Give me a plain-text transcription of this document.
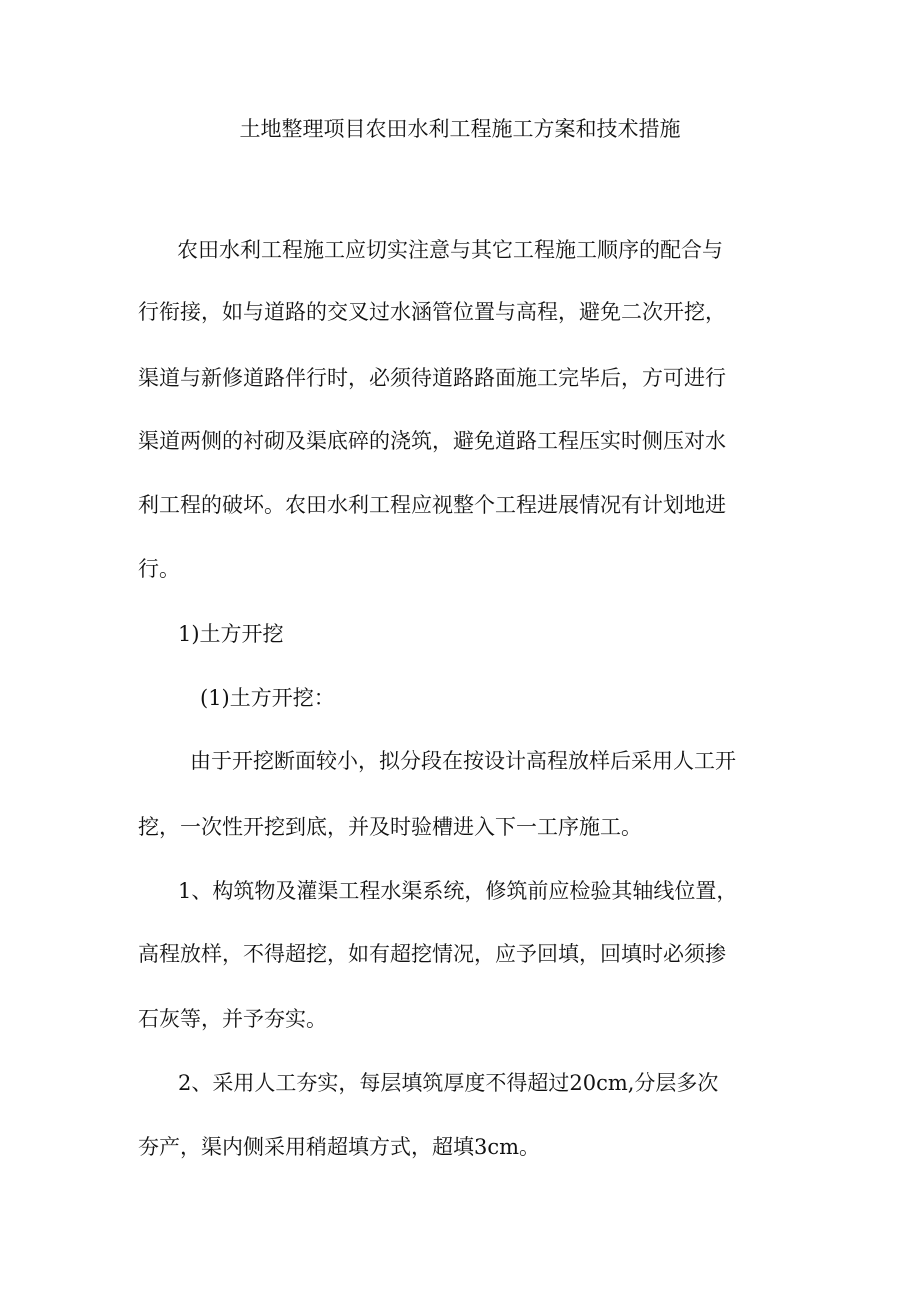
土地整理项目农田水利工程施工方案和技术措施
农田水利工程施工应切实注意与其它工程施工顺序的配合与
行衔接，如与道路的交叉过水涵管位置与高程，避免二次开挖，
渠道与新修道路伴行时，必须待道路路面施工完毕后，方可进行
渠道两侧的衬砌及渠底碎的浇筑，避免道路工程压实时侧压对水
利工程的破坏。农田水利工程应视整个工程进展情况有计划地进
行。
1)土方开挖
(1)土方开挖：
由于开挖断面较小，拟分段在按设计高程放样后采用人工开
挖，一次性开挖到底，并及时验槽进入下一工序施工。
1、构筑物及灌渠工程水渠系统，修筑前应检验其轴线位置，
高程放样，不得超挖，如有超挖情况，应予回填，回填时必须掺
石灰等，并予夯实。
2、采用人工夯实，每层填筑厚度不得超过20cm,分层多次
夯产，渠内侧采用稍超填方式，超填3cm。
